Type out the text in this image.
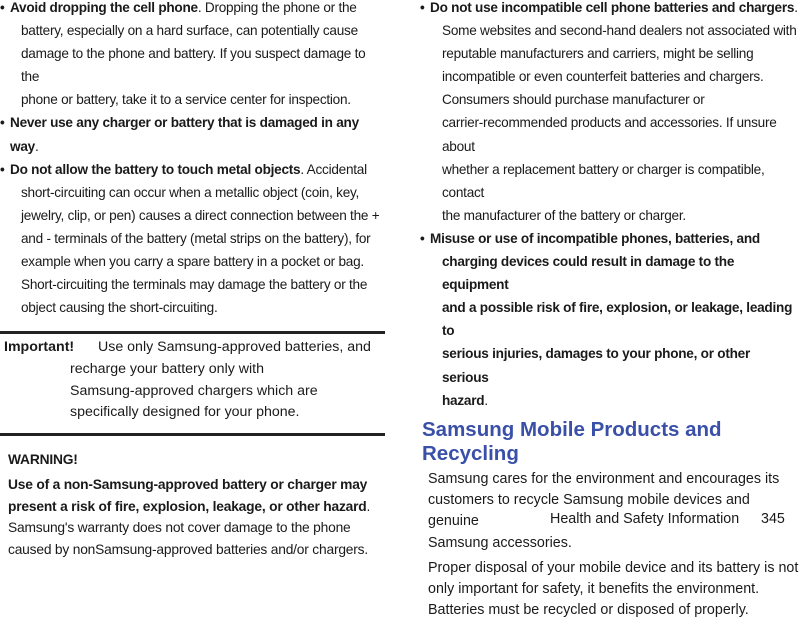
• Avoid dropping the cell phone. Dropping the phone or the
battery, especially on a hard surface, can potentially cause
damage to the phone and battery. If you suspect damage to the
phone or battery, take it to a service center for inspection.
• Never use any charger or battery that is damaged in any way.
• Do not allow the battery to touch metal objects. Accidental
short-circuiting can occur when a metallic object (coin, key,
jewelry, clip, or pen) causes a direct connection between the +
and - terminals of the battery (metal strips on the battery), for
example when you carry a spare battery in a pocket or bag.
Short-circuiting the terminals may damage the battery or the
object causing the short-circuiting.
Important!	Use only Samsung-approved batteries, and
recharge your battery only with
Samsung-approved chargers which are
specifically designed for your phone.
WARNING!
Use of a non-Samsung-approved battery or charger may
present a risk of fire, explosion, leakage, or other hazard.
Samsung's warranty does not cover damage to the phone
caused by nonSamsung-approved batteries and/or chargers.
• Do not use incompatible cell phone batteries and chargers.
Some websites and second-hand dealers not associated with
reputable manufacturers and carriers, might be selling
incompatible or even counterfeit batteries and chargers.
Consumers should purchase manufacturer or
carrier-recommended products and accessories. If unsure about
whether a replacement battery or charger is compatible, contact
the manufacturer of the battery or charger.
• Misuse or use of incompatible phones, batteries, and
charging devices could result in damage to the equipment
and a possible risk of fire, explosion, or leakage, leading to
serious injuries, damages to your phone, or other serious
hazard.
Samsung Mobile Products and
Recycling
Samsung cares for the environment and encourages its
customers to recycle Samsung mobile devices and genuine
Samsung accessories.
Proper disposal of your mobile device and its battery is not
only important for safety, it benefits the environment.
Batteries must be recycled or disposed of properly.
Health and Safety Information 345
